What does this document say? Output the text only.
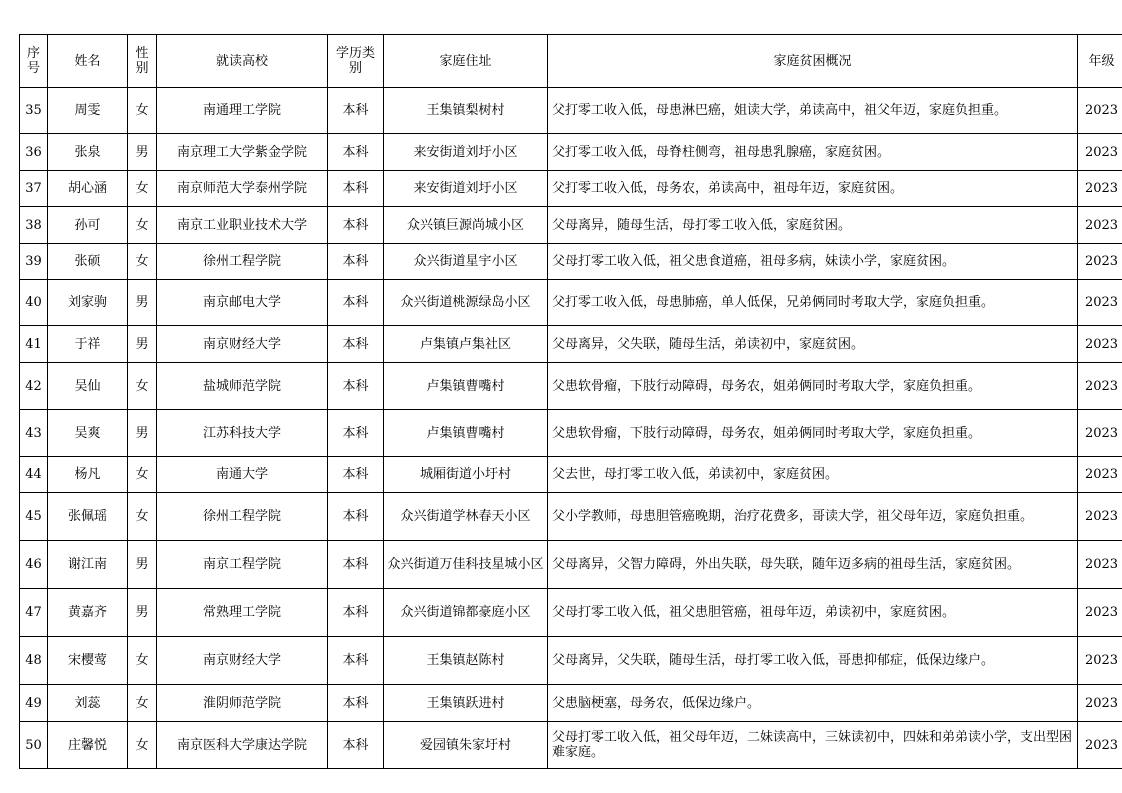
序号	姓名	性别	就读高校	学历类别	家庭住址	家庭贫困概况	年级
35	周雯	女	南通理工学院	本科	王集镇梨树村	父打零工收入低，母患淋巴癌，姐读大学，弟读高中，祖父年迈，家庭负担重。	2023
36	张泉	男	南京理工大学紫金学院	本科	来安街道刘圩小区	父打零工收入低，母脊柱侧弯，祖母患乳腺癌，家庭贫困。	2023
37	胡心涵	女	南京师范大学泰州学院	本科	来安街道刘圩小区	父打零工收入低，母务农，弟读高中，祖母年迈，家庭贫困。	2023
38	孙可	女	南京工业职业技术大学	本科	众兴镇巨源尚城小区	父母离异，随母生活，母打零工收入低，家庭贫困。	2023
39	张硕	女	徐州工程学院	本科	众兴街道星宇小区	父母打零工收入低，祖父患食道癌，祖母多病，妹读小学，家庭贫困。	2023
40	刘家驹	男	南京邮电大学	本科	众兴街道桃源绿岛小区	父打零工收入低，母患肺癌，单人低保，兄弟俩同时考取大学，家庭负担重。	2023
41	于祥	男	南京财经大学	本科	卢集镇卢集社区	父母离异，父失联，随母生活，弟读初中，家庭贫困。	2023
42	吴仙	女	盐城师范学院	本科	卢集镇曹嘴村	父患软骨瘤，下肢行动障碍，母务农，姐弟俩同时考取大学，家庭负担重。	2023
43	吴爽	男	江苏科技大学	本科	卢集镇曹嘴村	父患软骨瘤，下肢行动障碍，母务农，姐弟俩同时考取大学，家庭负担重。	2023
44	杨凡	女	南通大学	本科	城厢街道小圩村	父去世，母打零工收入低，弟读初中，家庭贫困。	2023
45	张佩瑶	女	徐州工程学院	本科	众兴街道学林春天小区	父小学教师，母患胆管癌晚期，治疗花费多，哥读大学，祖父母年迈，家庭负担重。	2023
46	谢江南	男	南京工程学院	本科	众兴街道万佳科技星城小区	父母离异，父智力障碍，外出失联，母失联，随年迈多病的祖母生活，家庭贫困。	2023
47	黄嘉齐	男	常熟理工学院	本科	众兴街道锦都豪庭小区	父母打零工收入低，祖父患胆管癌，祖母年迈，弟读初中，家庭贫困。	2023
48	宋樱莺	女	南京财经大学	本科	王集镇赵陈村	父母离异，父失联，随母生活，母打零工收入低，哥患抑郁症，低保边缘户。	2023
49	刘蕊	女	淮阴师范学院	本科	王集镇跃进村	父患脑梗塞，母务农，低保边缘户。	2023
50	庄馨悦	女	南京医科大学康达学院	本科	爱园镇朱家圩村	父母打零工收入低，祖父母年迈，二妹读高中，三妹读初中，四妹和弟弟读小学，支出型困难家庭。	2023
